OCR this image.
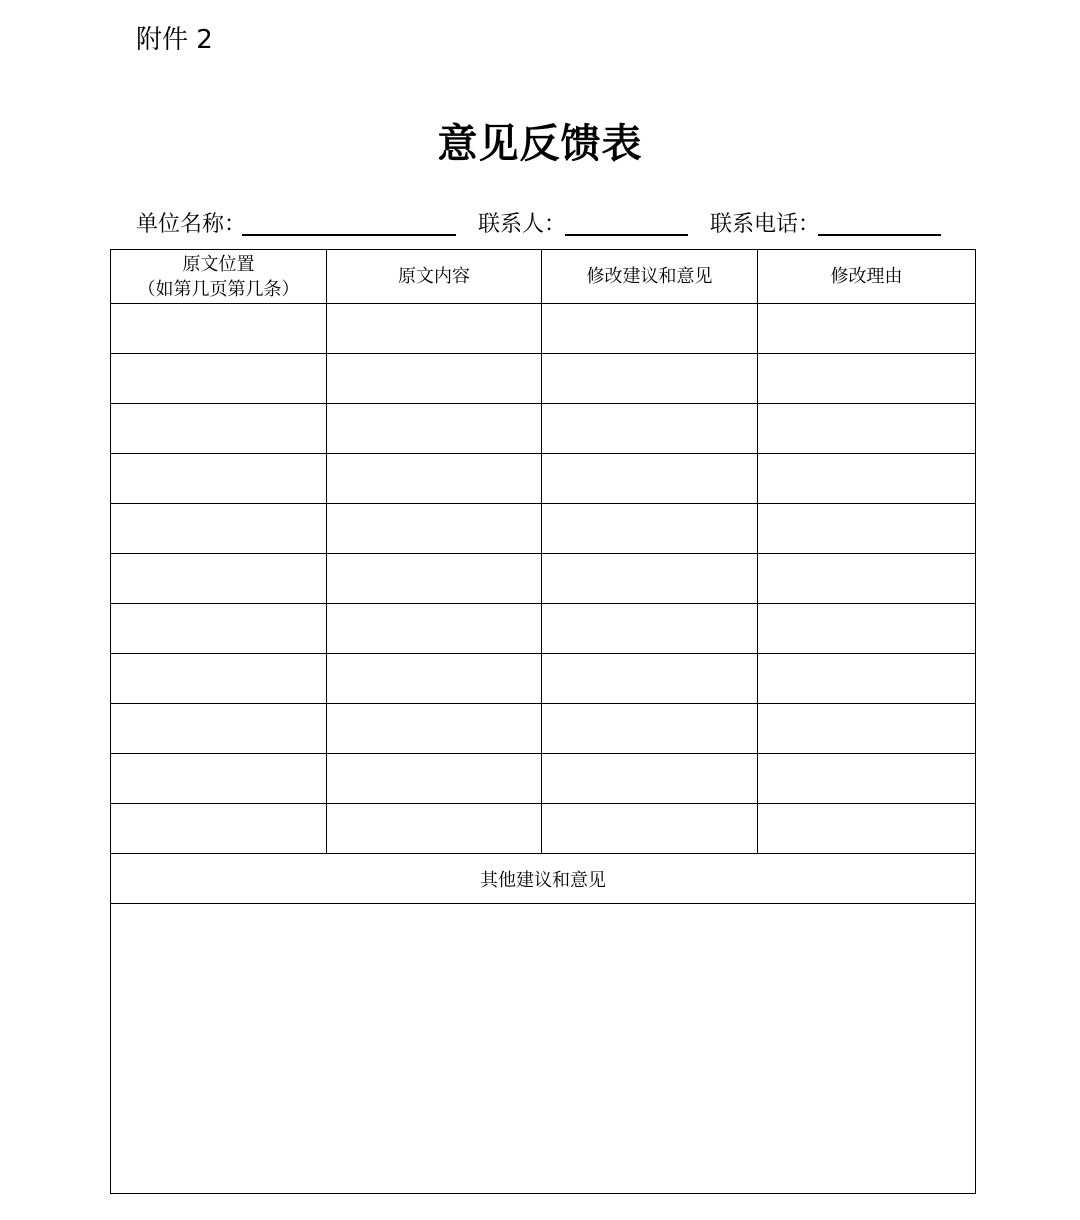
附件 2
意见反馈表
单位名称：	联系人：	联系电话：
原文位置
（如第几页第几条）	原文内容	修改建议和意见	修改理由

其他建议和意见			
